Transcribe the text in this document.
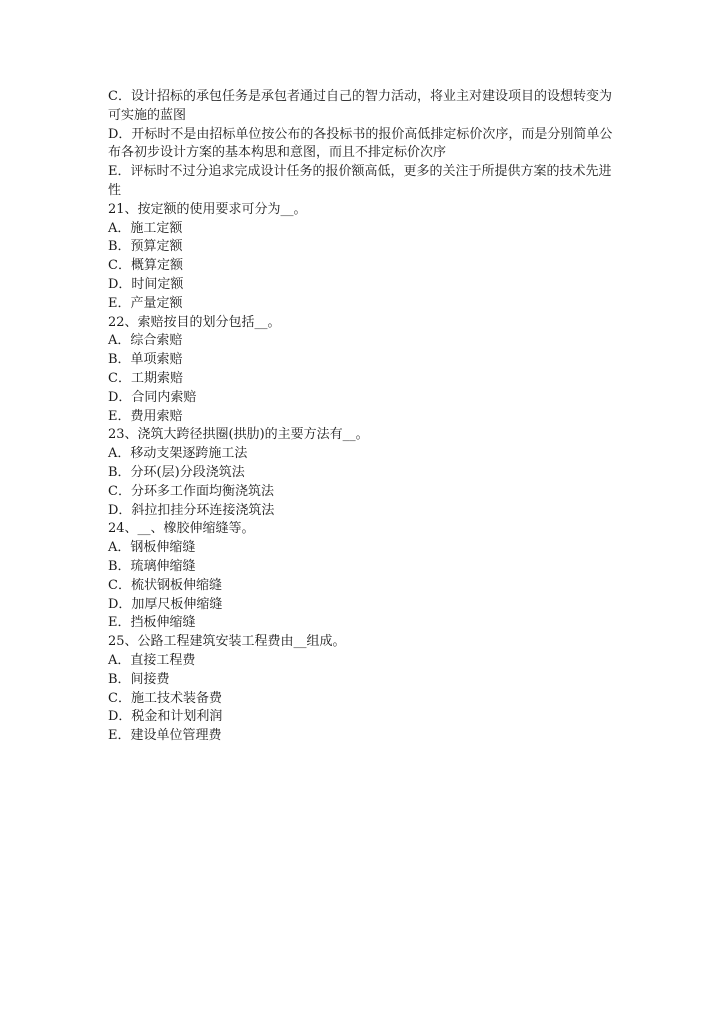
C．设计招标的承包任务是承包者通过自己的智力活动，将业主对建设项目的设想转变为可实施的蓝图
D．开标时不是由招标单位按公布的各投标书的报价高低排定标价次序，而是分别简单公布各初步设计方案的基本构思和意图，而且不排定标价次序
E．评标时不过分追求完成设计任务的报价额高低，更多的关注于所提供方案的技术先进性
21、按定额的使用要求可分为__。
A．施工定额
B．预算定额
C．概算定额
D．时间定额
E．产量定额
22、索赔按目的划分包括__。
A．综合索赔
B．单项索赔
C．工期索赔
D．合同内索赔
E．费用索赔
23、浇筑大跨径拱圈(拱肋)的主要方法有__。
A．移动支架逐跨施工法
B．分环(层)分段浇筑法
C．分环多工作面均衡浇筑法
D．斜拉扣挂分环连接浇筑法
24、__、橡胶伸缩缝等。
A．钢板伸缩缝
B．琉璃伸缩缝
C．梳状钢板伸缩缝
D．加厚尺板伸缩缝
E．挡板伸缩缝
25、公路工程建筑安装工程费由__组成。
A．直接工程费
B．间接费
C．施工技术装备费
D．税金和计划利润
E．建设单位管理费
